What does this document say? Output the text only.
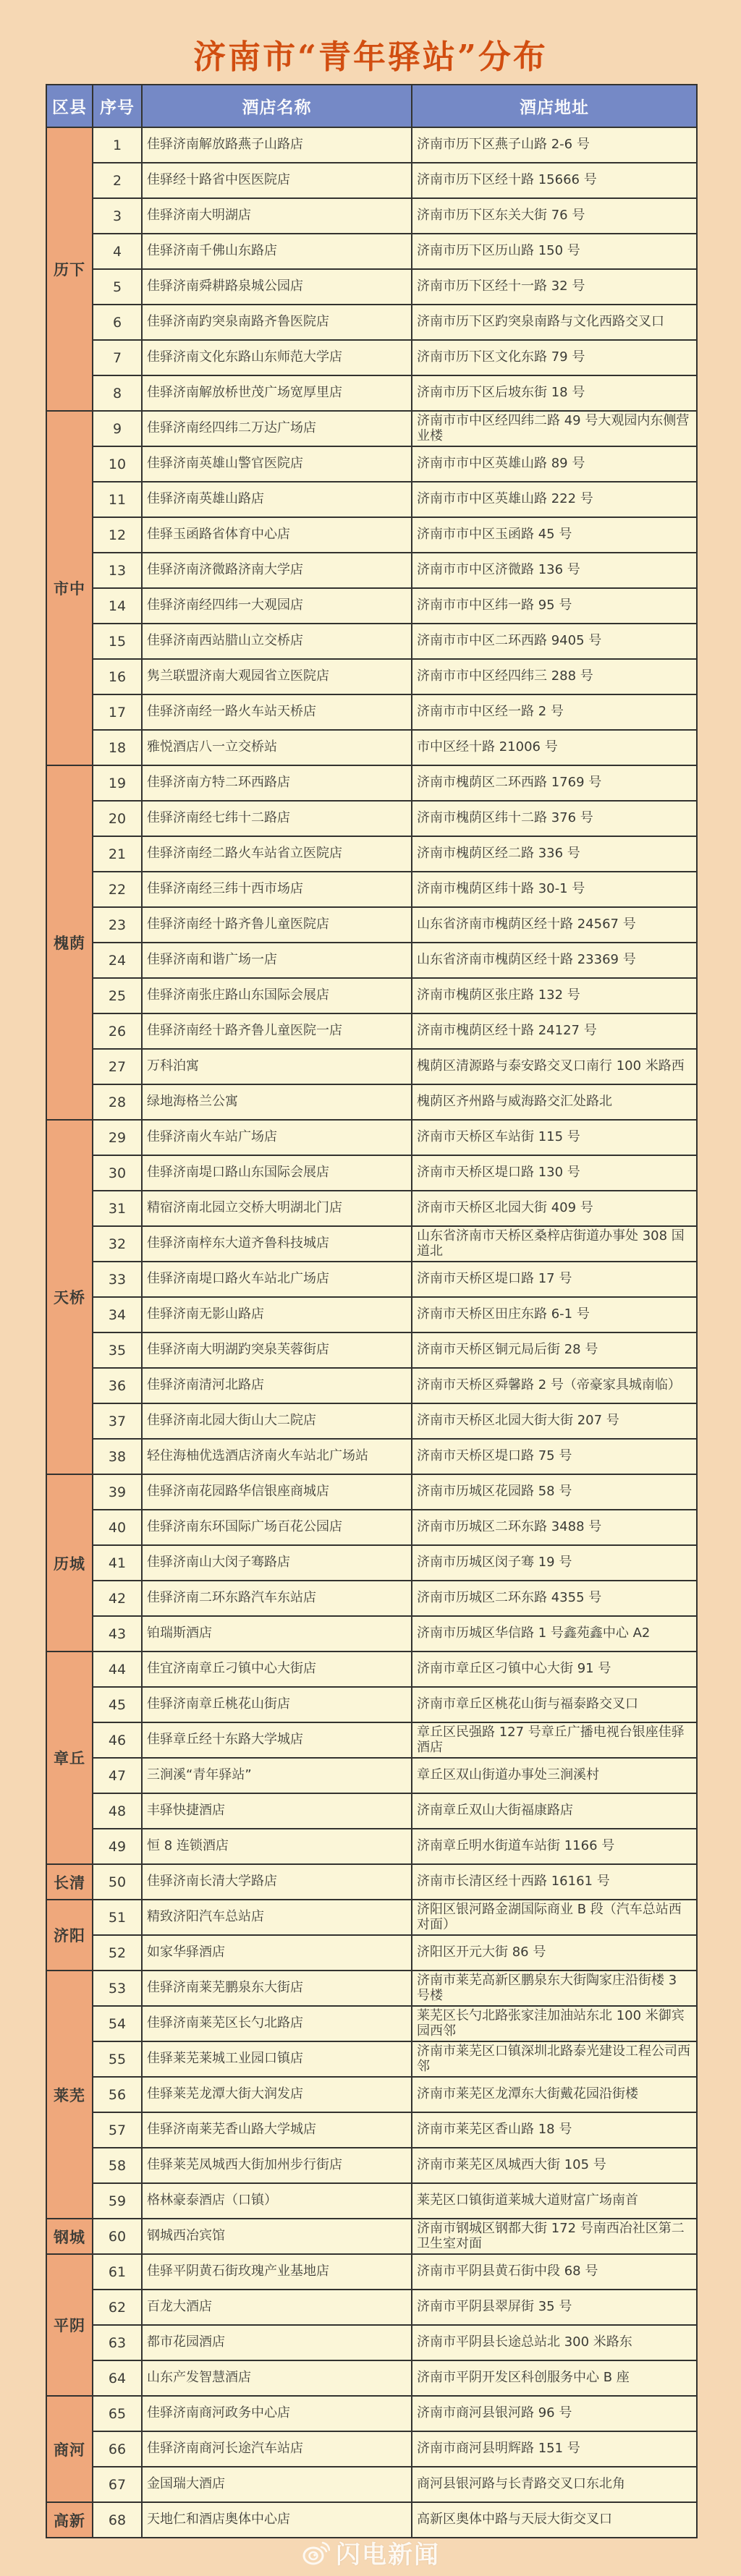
济南市“青年驿站”分布
区县	序号	酒店名称	酒店地址
历下	1	佳驿济南解放路燕子山路店	济南市历下区燕子山路 2-6 号
	2	佳驿经十路省中医医院店	济南市历下区经十路 15666 号
	3	佳驿济南大明湖店	济南市历下区东关大街 76 号
	4	佳驿济南千佛山东路店	济南市历下区历山路 150 号
	5	佳驿济南舜耕路泉城公园店	济南市历下区经十一路 32 号
	6	佳驿济南趵突泉南路齐鲁医院店	济南市历下区趵突泉南路与文化西路交叉口
	7	佳驿济南文化东路山东师范大学店	济南市历下区文化东路 79 号
	8	佳驿济南解放桥世茂广场宽厚里店	济南市历下区后坡东街 18 号
市中	9	佳驿济南经四纬二万达广场店	济南市市中区经四纬二路 49 号大观园内东侧营业楼
	10	佳驿济南英雄山警官医院店	济南市市中区英雄山路 89 号
	11	佳驿济南英雄山路店	济南市市中区英雄山路 222 号
	12	佳驿玉函路省体育中心店	济南市市中区玉函路 45 号
	13	佳驿济南济微路济南大学店	济南市市中区济微路 136 号
	14	佳驿济南经四纬一大观园店	济南市市中区纬一路 95 号
	15	佳驿济南西站腊山立交桥店	济南市市中区二环西路 9405 号
	16	隽兰联盟济南大观园省立医院店	济南市市中区经四纬三 288 号
	17	佳驿济南经一路火车站天桥店	济南市市中区经一路 2 号
	18	雅悦酒店八一立交桥站	市中区经十路 21006 号
槐荫	19	佳驿济南方特二环西路店	济南市槐荫区二环西路 1769 号
	20	佳驿济南经七纬十二路店	济南市槐荫区纬十二路 376 号
	21	佳驿济南经二路火车站省立医院店	济南市槐荫区经二路 336 号
	22	佳驿济南经三纬十西市场店	济南市槐荫区纬十路 30-1 号
	23	佳驿济南经十路齐鲁儿童医院店	山东省济南市槐荫区经十路 24567 号
	24	佳驿济南和谐广场一店	山东省济南市槐荫区经十路 23369 号
	25	佳驿济南张庄路山东国际会展店	济南市槐荫区张庄路 132 号
	26	佳驿济南经十路齐鲁儿童医院一店	济南市槐荫区经十路 24127 号
	27	万科泊寓	槐荫区清源路与泰安路交叉口南行 100 米路西
	28	绿地海格兰公寓	槐荫区齐州路与威海路交汇处路北
天桥	29	佳驿济南火车站广场店	济南市天桥区车站街 115 号
	30	佳驿济南堤口路山东国际会展店	济南市天桥区堤口路 130 号
	31	精宿济南北园立交桥大明湖北门店	济南市天桥区北园大街 409 号
	32	佳驿济南梓东大道齐鲁科技城店	山东省济南市天桥区桑梓店街道办事处 308 国道北
	33	佳驿济南堤口路火车站北广场店	济南市天桥区堤口路 17 号
	34	佳驿济南无影山路店	济南市天桥区田庄东路 6-1 号
	35	佳驿济南大明湖趵突泉芙蓉街店	济南市天桥区铜元局后街 28 号
	36	佳驿济南清河北路店	济南市天桥区舜馨路 2 号（帝豪家具城南临）
	37	佳驿济南北园大街山大二院店	济南市天桥区北园大街大街 207 号
	38	轻住海柚优选酒店济南火车站北广场站	济南市天桥区堤口路 75 号
历城	39	佳驿济南花园路华信银座商城店	济南市历城区花园路 58 号
	40	佳驿济南东环国际广场百花公园店	济南市历城区二环东路 3488 号
	41	佳驿济南山大闵子骞路店	济南市历城区闵子骞 19 号
	42	佳驿济南二环东路汽车东站店	济南市历城区二环东路 4355 号
	43	铂瑞斯酒店	济南市历城区华信路 1 号鑫苑鑫中心 A2
章丘	44	佳宜济南章丘刁镇中心大街店	济南市章丘区刁镇中心大街 91 号
	45	佳驿济南章丘桃花山街店	济南市章丘区桃花山街与福泰路交叉口
	46	佳驿章丘经十东路大学城店	章丘区民强路 127 号章丘广播电视台银座佳驿酒店
	47	三涧溪“青年驿站”	章丘区双山街道办事处三涧溪村
	48	丰驿快捷酒店	济南章丘双山大街福康路店
	49	恒 8 连锁酒店	济南章丘明水街道车站街 1166 号
长清	50	佳驿济南长清大学路店	济南市长清区经十西路 16161 号
济阳	51	精致济阳汽车总站店	济阳区银河路金湖国际商业 B 段（汽车总站西对面）
	52	如家华驿酒店	济阳区开元大街 86 号
莱芜	53	佳驿济南莱芜鹏泉东大街店	济南市莱芜高新区鹏泉东大街陶家庄沿街楼 3 号楼
	54	佳驿济南莱芜区长勺北路店	莱芜区长勺北路张家洼加油站东北 100 米御宾园西邻
	55	佳驿莱芜莱城工业园口镇店	济南市莱芜区口镇深圳北路泰光建设工程公司西邻
	56	佳驿莱芜龙潭大街大润发店	济南市莱芜区龙潭东大街戴花园沿街楼
	57	佳驿济南莱芜香山路大学城店	济南市莱芜区香山路 18 号
	58	佳驿莱芜凤城西大街加州步行街店	济南市莱芜区凤城西大街 105 号
	59	格林豪泰酒店（口镇）	莱芜区口镇街道莱城大道财富广场南首
钢城	60	钢城西冶宾馆	济南市钢城区钢都大街 172 号南西冶社区第二卫生室对面
平阴	61	佳驿平阴黄石街玫瑰产业基地店	济南市平阴县黄石街中段 68 号
	62	百龙大酒店	济南市平阴县翠屏街 35 号
	63	都市花园酒店	济南市平阴县长途总站北 300 米路东
	64	山东产发智慧酒店	济南市平阴开发区科创服务中心 B 座
商河	65	佳驿济南商河政务中心店	济南市商河县银河路 96 号
	66	佳驿济南商河长途汽车站店	济南市商河县明辉路 151 号
	67	金国瑞大酒店	商河县银河路与长青路交叉口东北角
高新	68	天地仁和酒店奥体中心店	高新区奥体中路与天辰大街交叉口
闪电新闻
